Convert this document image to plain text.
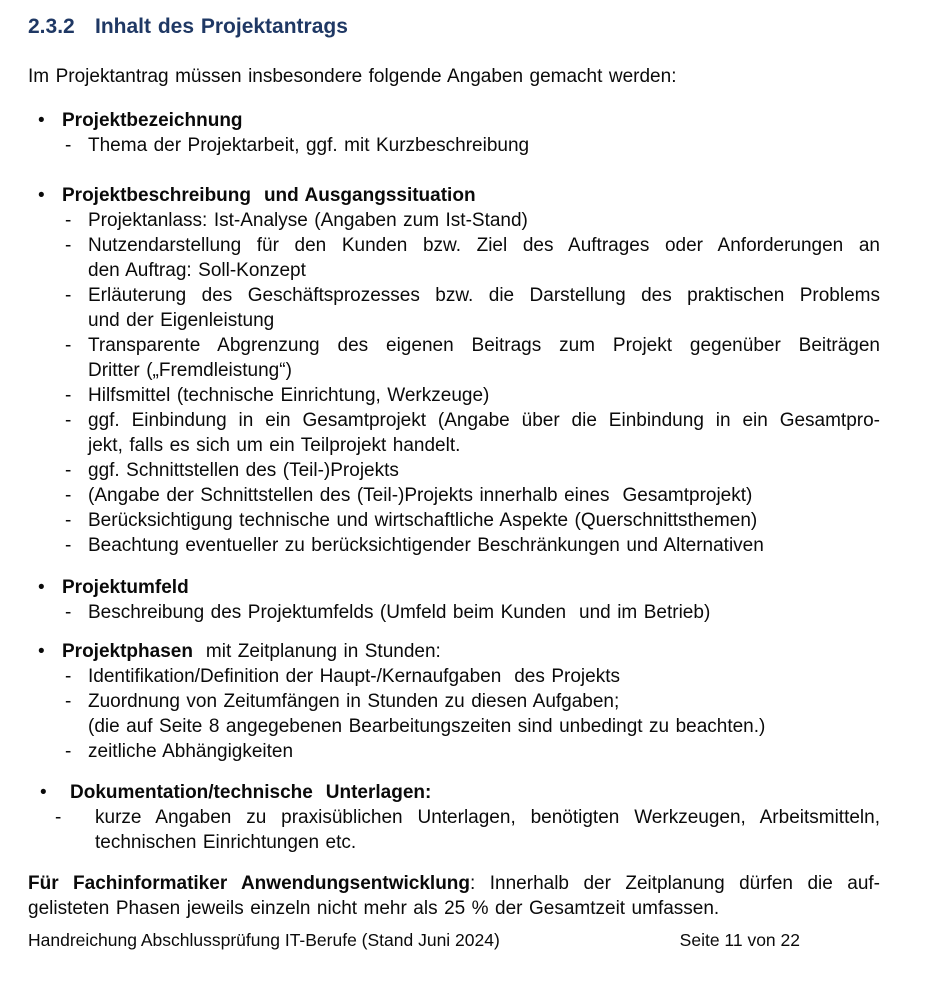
2.3.2 Inhalt des Projektantrags
Im Projektantrag müssen insbesondere folgende Angaben gemacht werden:
• Projektbezeichnung
- Thema der Projektarbeit, ggf. mit Kurzbeschreibung
• Projektbeschreibung  und Ausgangssituation
- Projektanlass: Ist-Analyse (Angaben zum Ist-Stand)
- Nutzendarstellung für den Kunden bzw. Ziel des Auftrages oder Anforderungen an
den Auftrag: Soll-Konzept
- Erläuterung des Geschäftsprozesses bzw. die Darstellung des praktischen Problems
und der Eigenleistung
- Transparente Abgrenzung des eigenen Beitrags zum Projekt gegenüber Beiträgen
Dritter („Fremdleistung“)
- Hilfsmittel (technische Einrichtung, Werkzeuge)
- ggf. Einbindung in ein Gesamtprojekt (Angabe über die Einbindung in ein Gesamtpro-
jekt, falls es sich um ein Teilprojekt handelt.
- ggf. Schnittstellen des (Teil-)Projekts
- (Angabe der Schnittstellen des (Teil-)Projekts innerhalb eines  Gesamtprojekt)
- Berücksichtigung technische und wirtschaftliche Aspekte (Querschnittsthemen)
- Beachtung eventueller zu berücksichtigender Beschränkungen und Alternativen
• Projektumfeld
- Beschreibung des Projektumfelds (Umfeld beim Kunden  und im Betrieb)
• Projektphasen mit Zeitplanung in Stunden:
- Identifikation/Definition der Haupt-/Kernaufgaben  des Projekts
- Zuordnung von Zeitumfängen in Stunden zu diesen Aufgaben;
(die auf Seite 8 angegebenen Bearbeitungszeiten sind unbedingt zu beachten.)
- zeitliche Abhängigkeiten
•	Dokumentation/technische  Unterlagen:
-	kurze Angaben zu praxisüblichen Unterlagen, benötigten Werkzeugen, Arbeitsmitteln,
technischen Einrichtungen etc.
Für Fachinformatiker Anwendungsentwicklung: Innerhalb der Zeitplanung dürfen die auf-
gelisteten Phasen jeweils einzeln nicht mehr als 25 % der Gesamtzeit umfassen.
Handreichung Abschlussprüfung IT-Berufe (Stand Juni 2024)	Seite 11 von 22
